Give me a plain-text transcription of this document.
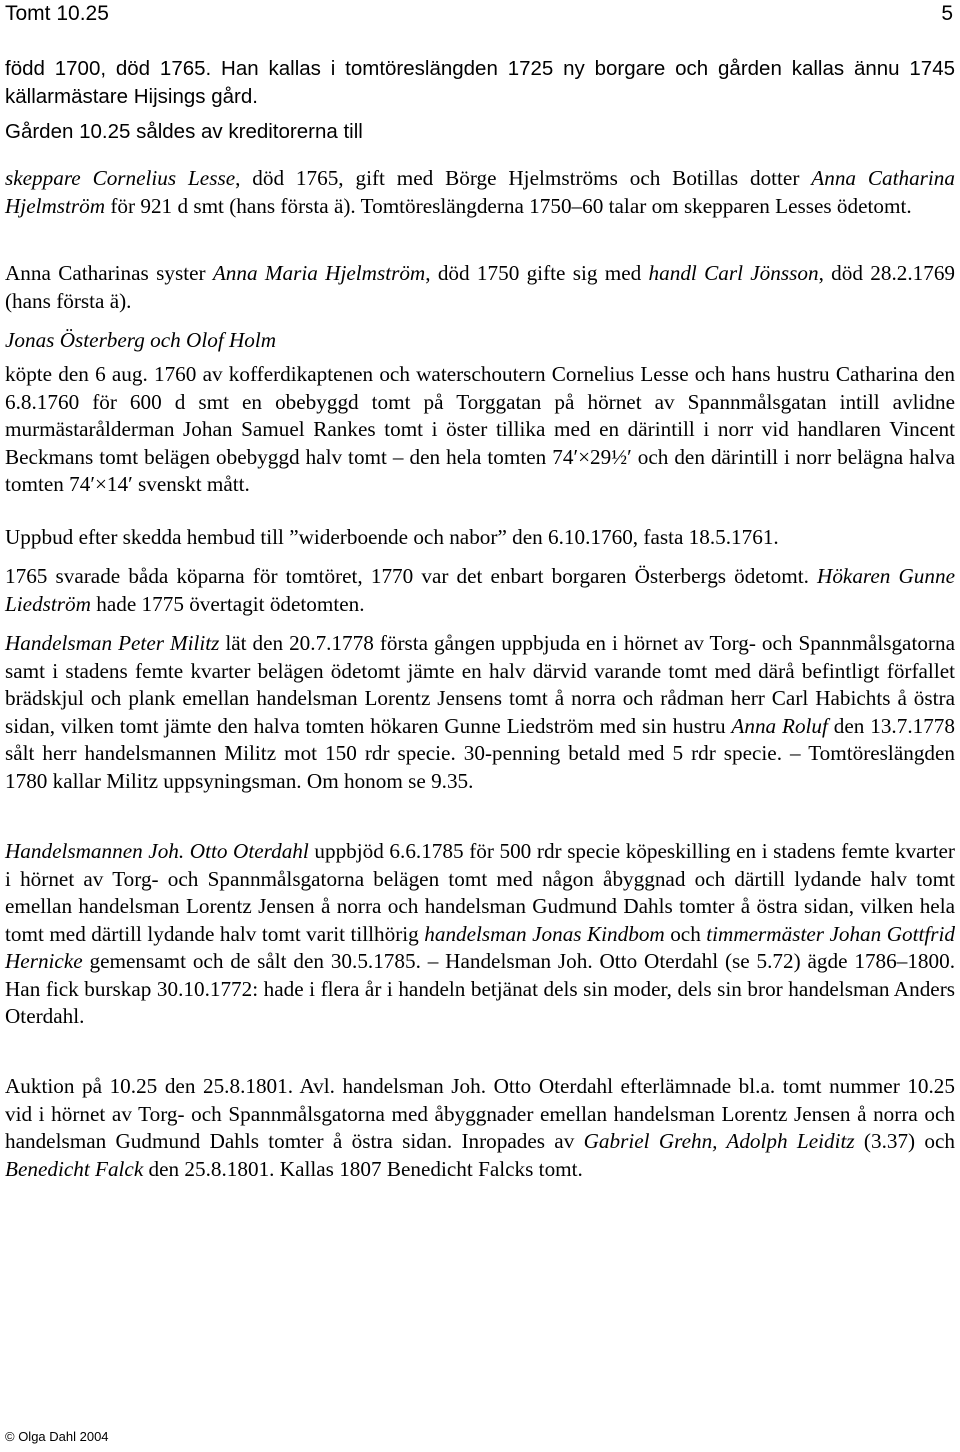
Tomt 10.25	5

född 1700, död 1765. Han kallas i tomtöreslängden 1725 ny borgare och gården kallas ännu 1745 källarmästare Hijsings gård.

Gården 10.25 såldes av kreditorerna till

skeppare Cornelius Lesse, död 1765, gift med Börge Hjelmströms och Botillas dotter Anna Catharina Hjelmström för 921 d smt (hans första ä). Tomtöreslängderna 1750–60 talar om skepparen Lesses ödetomt.

Anna Catharinas syster Anna Maria Hjelmström, död 1750 gifte sig med handl Carl Jönsson, död 28.2.1769 (hans första ä).

Jonas Österberg och Olof Holm

köpte den 6 aug. 1760 av kofferdikaptenen och waterschoutern Cornelius Lesse och hans hustru Catharina den 6.8.1760 för 600 d smt en obebyggd tomt på Torggatan på hörnet av Spannmålsgatan intill avlidne murmästarålderman Johan Samuel Rankes tomt i öster tillika med en därintill i norr vid handlaren Vincent Beckmans tomt belägen obebyggd halv tomt – den hela tomten 74′×29½′ och den därintill i norr belägna halva tomten 74′×14′ svenskt mått.

Uppbud efter skedda hembud till ”widerboende och nabor” den 6.10.1760, fasta 18.5.1761.

1765 svarade båda köparna för tomtöret, 1770 var det enbart borgaren Österbergs ödetomt. Hökaren Gunne Liedström hade 1775 övertagit ödetomten.

Handelsman Peter Militz lät den 20.7.1778 första gången uppbjuda en i hörnet av Torg- och Spannmålsgatorna samt i stadens femte kvarter belägen ödetomt jämte en halv därvid varande tomt med därå befintligt förfallet brädskjul och plank emellan handelsman Lorentz Jensens tomt å norra och rådman herr Carl Habichts å östra sidan, vilken tomt jämte den halva tomten hökaren Gunne Liedström med sin hustru Anna Roluf den 13.7.1778 sålt herr handelsmannen Militz mot 150 rdr specie. 30-penning betald med 5 rdr specie. – Tomtöreslängden 1780 kallar Militz uppsyningsman. Om honom se 9.35.

Handelsmannen Joh. Otto Oterdahl uppbjöd 6.6.1785 för 500 rdr specie köpeskilling en i stadens femte kvarter i hörnet av Torg- och Spannmålsgatorna belägen tomt med någon åbyggnad och därtill lydande halv tomt emellan handelsman Lorentz Jensen å norra och handelsman Gudmund Dahls tomter å östra sidan, vilken hela tomt med därtill lydande halv tomt varit tillhörig handelsman Jonas Kindbom och timmermäster Johan Gottfrid Hernicke gemensamt och de sålt den 30.5.1785. – Handelsman Joh. Otto Oterdahl (se 5.72) ägde 1786–1800. Han fick burskap 30.10.1772: hade i flera år i handeln betjänat dels sin moder, dels sin bror handelsman Anders Oterdahl.

Auktion på 10.25 den 25.8.1801. Avl. handelsman Joh. Otto Oterdahl efterlämnade bl.a. tomt nummer 10.25 vid i hörnet av Torg- och Spannmålsgatorna med åbyggnader emellan handelsman Lorentz Jensen å norra och handelsman Gudmund Dahls tomter å östra sidan. Inropades av Gabriel Grehn, Adolph Leiditz (3.37) och Benedicht Falck den 25.8.1801. Kallas 1807 Benedicht Falcks tomt.

© Olga Dahl 2004
